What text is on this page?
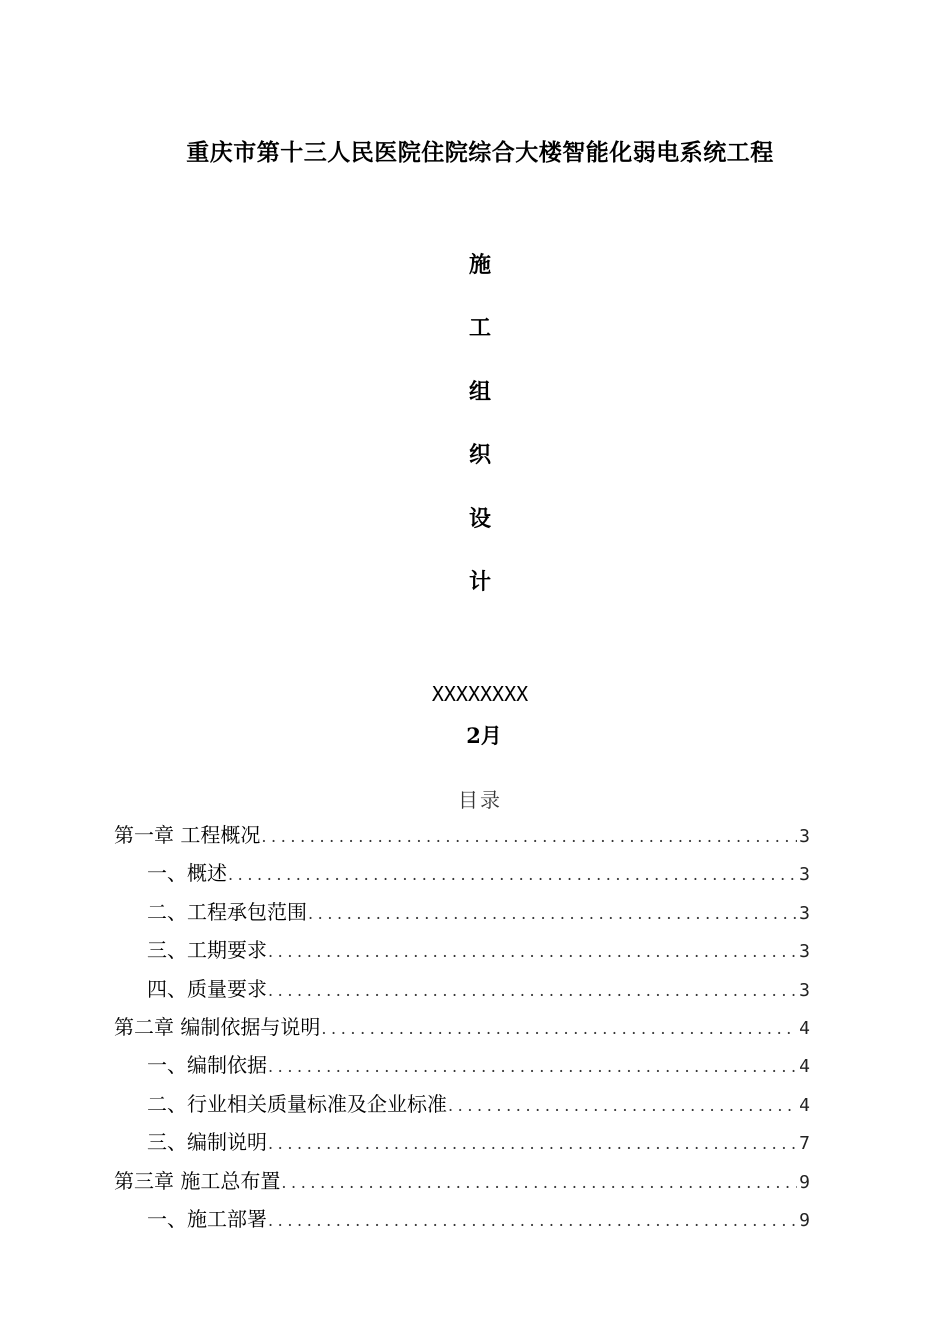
重庆市第十三人民医院住院综合大楼智能化弱电系统工程
施
工
组
织
设
计
XXXXXXXX
2月
目录
第一章 工程概况 .....	3
一、概述 .....	3
二、工程承包范围 .....	3
三、工期要求 .....	3
四、质量要求 .....	3
第二章 编制依据与说明 .....	4
一、编制依据 .....	4
二、行业相关质量标准及企业标准 .....	4
三、编制说明 .....	7
第三章 施工总布置 .....	9
一、施工部署 .....	9
